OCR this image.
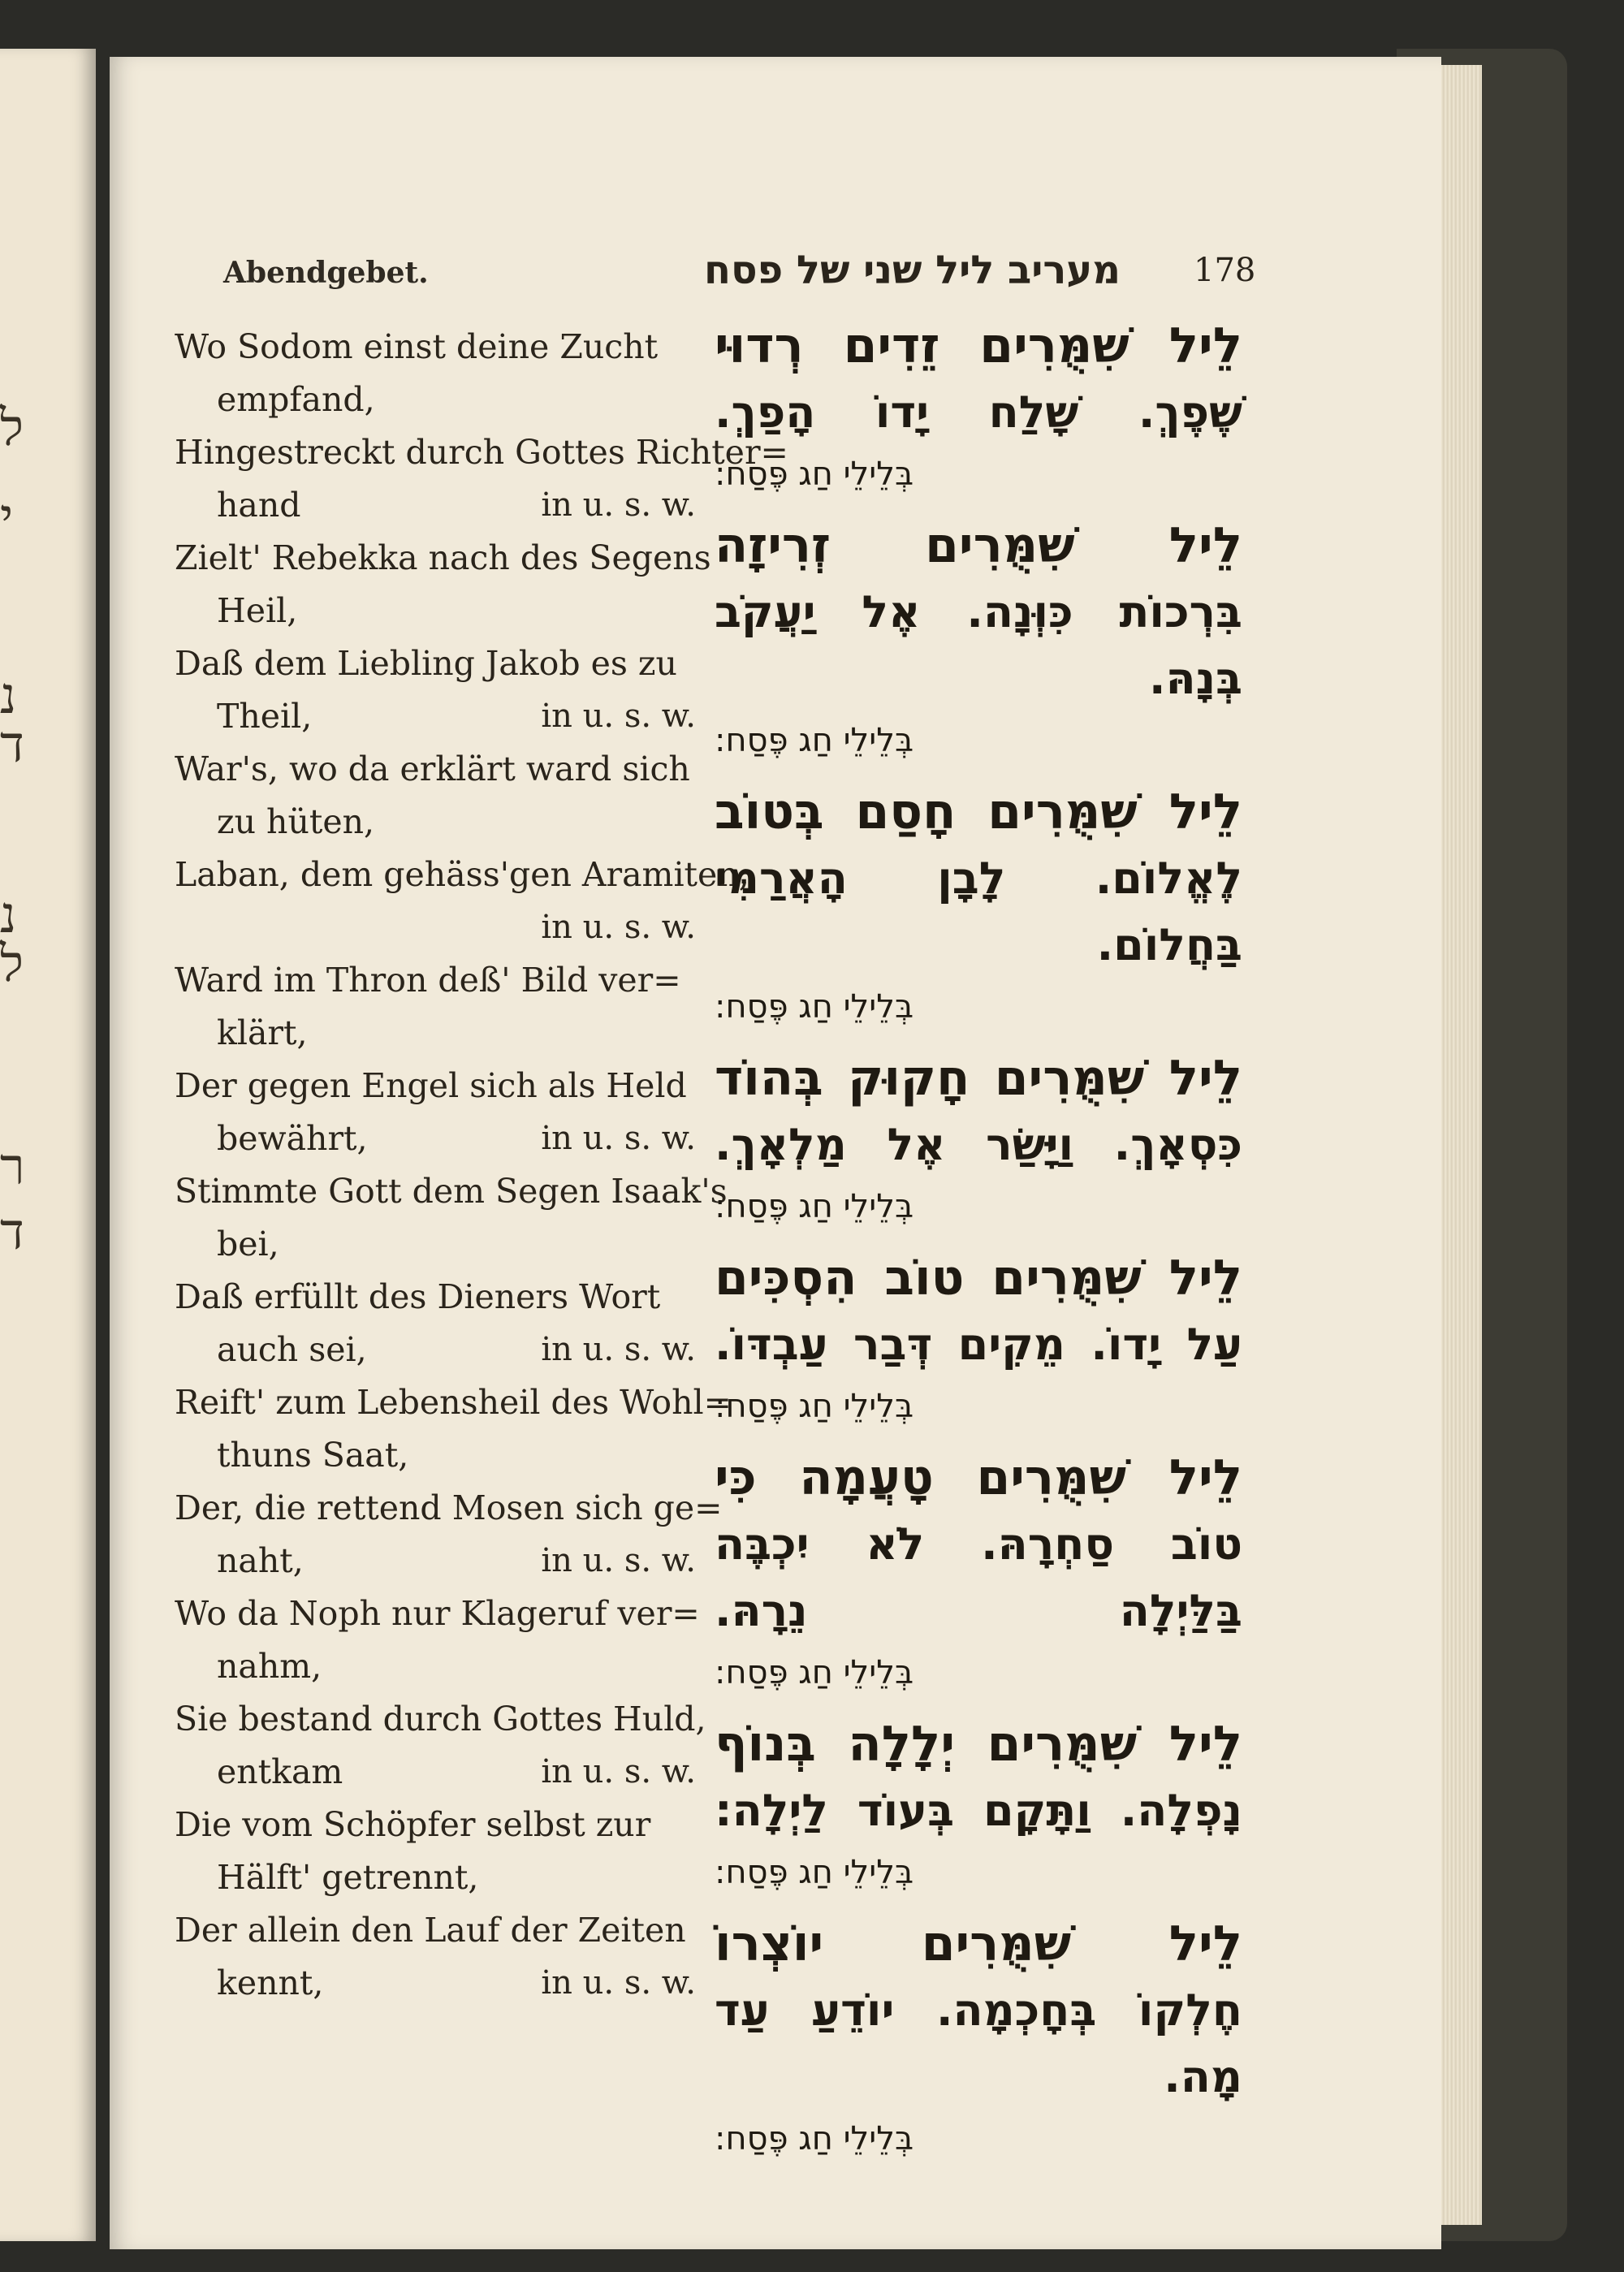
ל
י
נ
ד
נ
ל
ר
ד
Abendgebet.	מעריב ליל שני של פסח 178
Wo Sodom einst deine Zucht
empfand,
Hingestreckt durch Gottes Richter=
hand	in u. s. w.
Zielt' Rebekka nach des Segens
Heil,
Daß dem Liebling Jakob es zu
Theil,	in u. s. w.
War's, wo da erklärt ward sich
zu hüten,
Laban, dem gehäss'gen Aramiten,
in u. s. w.
Ward im Thron deß' Bild ver=
klärt,
Der gegen Engel sich als Held
bewährt,	in u. s. w.
Stimmte Gott dem Segen Isaak's
bei,
Daß erfüllt des Dieners Wort
auch sei,	in u. s. w.
Reift' zum Lebensheil des Wohl=
thuns Saat,
Der, die rettend Mosen sich ge=
naht,	in u. s. w.
Wo da Noph nur Klageruf ver=
nahm,
Sie bestand durch Gottes Huld,
entkam	in u. s. w.
Die vom Schöpfer selbst zur
Hälft' getrennt,
Der allein den Lauf der Zeiten
kennt,	in u. s. w.
לֵיל שִׁמֻּרִים זֵדִים רְדוּי
שֶׁפֶךְ. שָׁלַח יָדוֹ הָפַךְ.
בְּלֵילֵי חַג פֶּסַח:
לֵיל שִׁמֻּרִים זְרִיזָה
בִּרְכוֹת כִּוְּנָה. אֶל יַעֲקֹב
בְּנָהּ.
בְּלֵילֵי חַג פֶּסַח:
לֵיל שִׁמֻּרִים חָסַם בְּטוֹב
לֶאֱלוֹם. לָבָן הָאֲרַמִּי
בַּחֲלוֹם.
בְּלֵילֵי חַג פֶּסַח:
לֵיל שִׁמֻּרִים חָקוּק בְּהוֹד
כִּסְאָךְ. וַיָּשַׂר אֶל מַלְאָךְ.
בְּלֵילֵי חַג פֶּסַח:
לֵיל שִׁמֻּרִים טוֹב הִסְכִּים
עַל יָדוֹ. מֵקִים דְּבַר עַבְדּוֹ.
בְּלֵילֵי חַג פֶּסַח:
לֵיל שִׁמֻּרִים טָעֲמָה כִּי
טוֹב סַחְרָהּ. לֹא יִכְבֶּה
בַּלַּיְלָה נֵרָהּ.
בְּלֵילֵי חַג פֶּסַח:
לֵיל שִׁמֻּרִים יְלָלָה בְּנוֹף
נָפְלָה. וַתָּקָם בְּעוֹד לַיְלָה:
בְּלֵילֵי חַג פֶּסַח:
לֵיל שִׁמֻּרִים יוֹצְרוֹ
חֶלְקוֹ בְּחָכְמָה. יוֹדֵעַ עַד
מָה.
בְּלֵילֵי חַג פֶּסַח:
